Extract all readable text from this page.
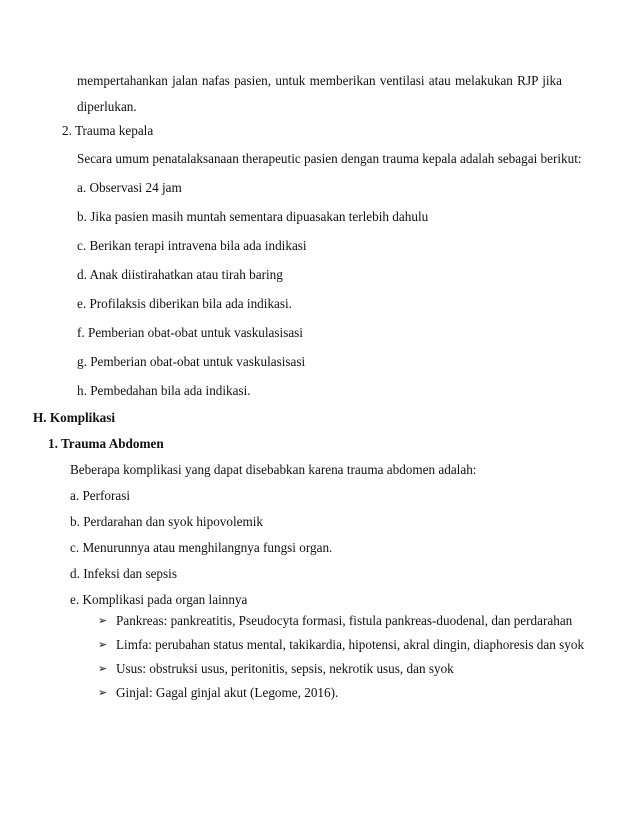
mempertahankan jalan nafas pasien, untuk memberikan ventilasi atau melakukan RJP jika
diperlukan.
2. Trauma kepala
Secara umum penatalaksanaan therapeutic pasien dengan trauma kepala adalah sebagai berikut:
a. Observasi 24 jam
b. Jika pasien masih muntah sementara dipuasakan terlebih dahulu
c. Berikan terapi intravena bila ada indikasi
d. Anak diistirahatkan atau tirah baring
e. Profilaksis diberikan bila ada indikasi.
f. Pemberian obat-obat untuk vaskulasisasi
g. Pemberian obat-obat untuk vaskulasisasi
h. Pembedahan bila ada indikasi.
H. Komplikasi
1. Trauma Abdomen
Beberapa komplikasi yang dapat disebabkan karena trauma abdomen adalah:
a. Perforasi
b. Perdarahan dan syok hipovolemik
c. Menurunnya atau menghilangnya fungsi organ.
d. Infeksi dan sepsis
e. Komplikasi pada organ lainnya
➢ Pankreas: pankreatitis, Pseudocyta formasi, fistula pankreas-duodenal, dan perdarahan
➢ Limfa: perubahan status mental, takikardia, hipotensi, akral dingin, diaphoresis dan syok
➢ Usus: obstruksi usus, peritonitis, sepsis, nekrotik usus, dan syok
➢ Ginjal: Gagal ginjal akut (Legome, 2016).
